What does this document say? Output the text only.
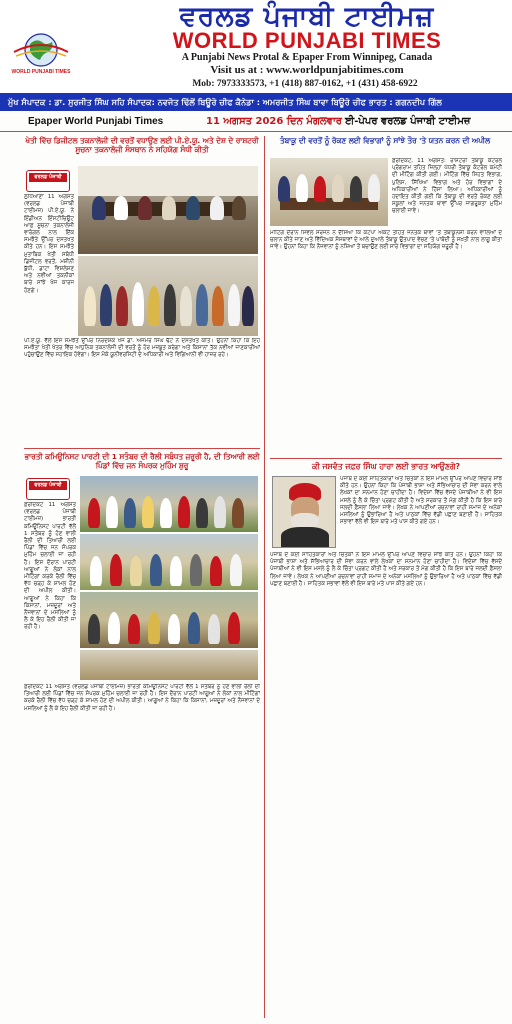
WORLD PUNJABI TIMES
ਵਰਲਡ ਪੰਜਾਬੀ ਟਾਈਮਜ਼
WORLD PUNJABI TIMES
A Punjabi News Protal & Epaper From Winnipeg, Canada
Visit us at : www.worldpunjabitimes.com
Mob: 7973333573, +1 (418) 887-0162, +1 (431) 458-6922
ਮੁੱਖ ਸੰਪਾਦਕ : ਡਾ. ਸੁਰਜੀਤ ਸਿੰਘ ਸਹਿ ਸੰਪਾਦਕ: ਨਵਜੋਤ ਢਿੱਲੋਂ ਬਿਊਰੋ ਚੀਫ ਕੈਨੇਡਾ : ਅਮਰਜੀਤ ਸਿੰਘ ਬਾਵਾ ਬਿਊਰੋ ਚੀਫ ਭਾਰਤ : ਗਗਨਦੀਪ ਗਿੱਲ
Epaper World Punjabi Times	11 ਅਗਸਤ 2026 ਦਿਨ ਮੰਗਲਵਾਰ ਈ-ਪੇਪਰ ਵਰਲਡ ਪੰਜਾਬੀ ਟਾਈਮਜ਼
ਖੇਤੀ ਵਿੱਚ ਡਿਜੀਟਲ ਤਕਨਾਲੋਜੀ ਦੀ ਵਰਤੋਂ ਵਧਾਉਣ ਲਈ ਪੀ.ਏ.ਯੂ. ਅਤੇ ਦੇਸ਼ ਦੇ ਰਾਸ਼ਟਰੀ ਸੂਚਨਾ ਤਕਨਾਲੋਜੀ ਸੰਸਥਾਨ ਨੇ ਸਹਿਯੋਗ ਸੰਧੀ ਕੀਤੀ
ਵਰਲਡ ਪੰਜਾਬੀ ਟਾਈਮਜ਼
ਲੁਧਿਆਣਾ 11 ਅਗਸਤ (ਵਰਲਡ ਪੰਜਾਬੀ ਟਾਈਮਜ਼) ਪੀ.ਏ.ਯੂ. ਨੇ ਇੰਡੀਅਨ ਇੰਸਟੀਚਿਊਟ ਆਫ਼ ਸੂਚਨਾ ਤਕਨਾਲੋਜੀ ਵਾਰੰਗਲ ਨਾਲ ਇੱਕ ਸਮਝੌਤੇ ਉੱਪਰ ਦਸਤਖਤ ਕੀਤੇ ਹਨ। ਇਸ ਸਮਝੌਤੇ ਮੁਤਾਬਿਕ ਖੇਤੀ ਸਬੰਧੀ ਡਿਜੀਟਲ ਵਰਤੋਂ, ਮਸ਼ੀਨੀ ਬੁੱਧੀ, ਡਾਟਾ ਵਿਸ਼ਲੇਸ਼ਣ ਅਤੇ ਨਵੀਆਂ ਤਕਨੀਕਾਂ ਬਾਰੇ ਸਾਂਝੇ ਖੋਜ ਕਾਰਜ ਹੋਣਗੇ।
ਪੀ.ਏ.ਯੂ. ਵੱਲੋਂ ਇਸ ਸਮਝੌਤੇ ਉੱਪਰ ਨਿਰਦੇਸ਼ਕ ਖੋਜ ਡਾ. ਅਜਮੇਰ ਸਿੰਘ ਢੱਟ ਨੇ ਦਸਤਖਤ ਕੀਤੇ। ਉਹਨਾਂ ਕਿਹਾ ਕਿ ਇਹ ਸਮਝੌਤਾ ਖੇਤੀ ਖੇਤਰ ਵਿੱਚ ਆਧੁਨਿਕ ਤਕਨਾਲੋਜੀ ਦੀ ਵਰਤੋਂ ਨੂੰ ਹੋਰ ਮਜ਼ਬੂਤ ਕਰੇਗਾ ਅਤੇ ਕਿਸਾਨਾਂ ਤੱਕ ਨਵੀਆਂ ਜਾਣਕਾਰੀਆਂ ਪਹੁੰਚਾਉਣ ਵਿੱਚ ਸਹਾਇਕ ਹੋਵੇਗਾ। ਇਸ ਮੌਕੇ ਯੂਨੀਵਰਸਿਟੀ ਦੇ ਅਧਿਕਾਰੀ ਅਤੇ ਵਿਗਿਆਨੀ ਵੀ ਹਾਜ਼ਰ ਰਹੇ।
ਭਾਰਤੀ ਕਮਿਊਨਿਸਟ ਪਾਰਟੀ ਦੀ 1 ਸਤੰਬਰ ਦੀ ਰੈਲੀ ਸਬੰਧਤ ਜ਼ਰੂਰੀ ਹੈ, ਦੀ ਤਿਆਰੀ ਲਈ ਪਿੰਡਾਂ ਵਿੱਚ ਜਨ ਸੰਪਰਕ ਮੁਹਿੰਮ ਸ਼ੁਰੂ
ਵਰਲਡ ਪੰਜਾਬੀ ਟਾਈਮਜ਼
ਫ਼ਰੀਦਕੋਟ 11 ਅਗਸਤ (ਵਰਲਡ ਪੰਜਾਬੀ ਟਾਈਮਜ਼) ਭਾਰਤੀ ਕਮਿਊਨਿਸਟ ਪਾਰਟੀ ਵੱਲੋਂ 1 ਸਤੰਬਰ ਨੂੰ ਹੋਣ ਵਾਲੀ ਰੈਲੀ ਦੀ ਤਿਆਰੀ ਲਈ ਪਿੰਡਾਂ ਵਿੱਚ ਜਨ ਸੰਪਰਕ ਮੁਹਿੰਮ ਚਲਾਈ ਜਾ ਰਹੀ ਹੈ। ਇਸ ਦੌਰਾਨ ਪਾਰਟੀ ਆਗੂਆਂ ਨੇ ਲੋਕਾਂ ਨਾਲ ਮੀਟਿੰਗਾਂ ਕਰਕੇ ਰੈਲੀ ਵਿੱਚ ਵੱਧ ਚੜ੍ਹ ਕੇ ਸ਼ਾਮਲ ਹੋਣ ਦੀ ਅਪੀਲ ਕੀਤੀ। ਆਗੂਆਂ ਨੇ ਕਿਹਾ ਕਿ ਕਿਸਾਨਾਂ, ਮਜ਼ਦੂਰਾਂ ਅਤੇ ਨੌਜਵਾਨਾਂ ਦੇ ਮਸਲਿਆਂ ਨੂੰ ਲੈ ਕੇ ਇਹ ਰੈਲੀ ਕੀਤੀ ਜਾ ਰਹੀ ਹੈ।
ਫ਼ਰੀਦਕੋਟ 11 ਅਗਸਤ (ਵਰਲਡ ਪੰਜਾਬੀ ਟਾਈਮਜ਼) ਭਾਰਤੀ ਕਮਿਊਨਿਸਟ ਪਾਰਟੀ ਵੱਲੋਂ 1 ਸਤੰਬਰ ਨੂੰ ਹੋਣ ਵਾਲੀ ਰੈਲੀ ਦੀ ਤਿਆਰੀ ਲਈ ਪਿੰਡਾਂ ਵਿੱਚ ਜਨ ਸੰਪਰਕ ਮੁਹਿੰਮ ਚਲਾਈ ਜਾ ਰਹੀ ਹੈ। ਇਸ ਦੌਰਾਨ ਪਾਰਟੀ ਆਗੂਆਂ ਨੇ ਲੋਕਾਂ ਨਾਲ ਮੀਟਿੰਗਾਂ ਕਰਕੇ ਰੈਲੀ ਵਿੱਚ ਵੱਧ ਚੜ੍ਹ ਕੇ ਸ਼ਾਮਲ ਹੋਣ ਦੀ ਅਪੀਲ ਕੀਤੀ। ਆਗੂਆਂ ਨੇ ਕਿਹਾ ਕਿ ਕਿਸਾਨਾਂ, ਮਜ਼ਦੂਰਾਂ ਅਤੇ ਨੌਜਵਾਨਾਂ ਦੇ ਮਸਲਿਆਂ ਨੂੰ ਲੈ ਕੇ ਇਹ ਰੈਲੀ ਕੀਤੀ ਜਾ ਰਹੀ ਹੈ।
ਤੰਬਾਕੂ ਦੀ ਵਰਤੋਂ ਨੂੰ ਰੋਕਣ ਲਈ ਵਿਭਾਗਾਂ ਨੂੰ ਸਾਂਝੇ ਤੌਰ 'ਤੇ ਯਤਨ ਕਰਨ ਦੀ ਅਪੀਲ
ਫ਼ਰੀਦਕੋਟ, 11 ਅਗਸਤ: ਰਾਸ਼ਟਰੀ ਤੰਬਾਕੂ ਕੰਟਰੋਲ ਪ੍ਰੋਗਰਾਮ ਤਹਿਤ ਜ਼ਿਲ੍ਹਾ ਪੱਧਰੀ ਤੰਬਾਕੂ ਕੰਟਰੋਲ ਕਮੇਟੀ ਦੀ ਮੀਟਿੰਗ ਕੀਤੀ ਗਈ। ਮੀਟਿੰਗ ਵਿੱਚ ਸਿਹਤ ਵਿਭਾਗ, ਪੁਲਿਸ, ਸਿੱਖਿਆ ਵਿਭਾਗ ਅਤੇ ਹੋਰ ਵਿਭਾਗਾਂ ਦੇ ਅਧਿਕਾਰੀਆਂ ਨੇ ਹਿੱਸਾ ਲਿਆ। ਅਧਿਕਾਰੀਆਂ ਨੂੰ ਹਦਾਇਤ ਕੀਤੀ ਗਈ ਕਿ ਤੰਬਾਕੂ ਦੀ ਵਰਤੋਂ ਰੋਕਣ ਲਈ ਸਕੂਲਾਂ ਅਤੇ ਜਨਤਕ ਥਾਵਾਂ ਉੱਪਰ ਜਾਗਰੂਕਤਾ ਮੁਹਿੰਮ ਚਲਾਈ ਜਾਵੇ।
ਮੀਟਿੰਗ ਦੌਰਾਨ ਸਿਵਲ ਸਰਜਨ ਨੇ ਦੱਸਿਆ ਕਿ ਕੋਟਪਾ ਐਕਟ ਤਹਿਤ ਜਨਤਕ ਥਾਵਾਂ 'ਤੇ ਤੰਬਾਕੂਨੋਸ਼ੀ ਕਰਨ ਵਾਲਿਆਂ ਦੇ ਚਲਾਨ ਕੀਤੇ ਜਾਣ ਅਤੇ ਵਿੱਦਿਅਕ ਸੰਸਥਾਵਾਂ ਦੇ ਆਲੇ ਦੁਆਲੇ ਤੰਬਾਕੂ ਉਤਪਾਦ ਵੇਚਣ 'ਤੇ ਪਾਬੰਦੀ ਨੂੰ ਸਖ਼ਤੀ ਨਾਲ ਲਾਗੂ ਕੀਤਾ ਜਾਵੇ। ਉਹਨਾਂ ਕਿਹਾ ਕਿ ਨੌਜਵਾਨਾਂ ਨੂੰ ਨਸ਼ਿਆਂ ਤੋਂ ਬਚਾਉਣ ਲਈ ਸਾਰੇ ਵਿਭਾਗਾਂ ਦਾ ਸਹਿਯੋਗ ਜ਼ਰੂਰੀ ਹੈ।
ਕੀ ਜਸਵੰਤ ਜਫ਼ਰ ਸਿੰਘ ਹਾਰਾ ਲਈ ਭਾਰਤ ਆਉਣਗੇ?
ਪੰਜਾਬ ਦੇ ਕਈ ਸਾਹਿਤਕਾਰਾਂ ਅਤੇ ਚਿੰਤਕਾਂ ਨੇ ਇਸ ਮਾਮਲੇ ਉੱਪਰ ਆਪਣੇ ਵਿਚਾਰ ਸਾਂਝੇ ਕੀਤੇ ਹਨ। ਉਹਨਾਂ ਕਿਹਾ ਕਿ ਪੰਜਾਬੀ ਭਾਸ਼ਾ ਅਤੇ ਸੱਭਿਆਚਾਰ ਦੀ ਸੇਵਾ ਕਰਨ ਵਾਲੇ ਲੇਖਕਾਂ ਦਾ ਸਨਮਾਨ ਹੋਣਾ ਚਾਹੀਦਾ ਹੈ। ਵਿਦੇਸ਼ਾਂ ਵਿੱਚ ਵੱਸਦੇ ਪੰਜਾਬੀਆਂ ਨੇ ਵੀ ਇਸ ਮਸਲੇ ਨੂੰ ਲੈ ਕੇ ਚਿੰਤਾ ਪ੍ਰਗਟ ਕੀਤੀ ਹੈ ਅਤੇ ਸਰਕਾਰ ਤੋਂ ਮੰਗ ਕੀਤੀ ਹੈ ਕਿ ਇਸ ਬਾਰੇ ਜਲਦੀ ਫ਼ੈਸਲਾ ਲਿਆ ਜਾਵੇ। ਲੇਖਕ ਨੇ ਆਪਣੀਆਂ ਰਚਨਾਵਾਂ ਰਾਹੀਂ ਸਮਾਜ ਦੇ ਅਨੇਕਾਂ ਮਸਲਿਆਂ ਨੂੰ ਉਭਾਰਿਆ ਹੈ ਅਤੇ ਪਾਠਕਾਂ ਵਿੱਚ ਵੱਡੀ ਪਛਾਣ ਬਣਾਈ ਹੈ। ਸਾਹਿਤਕ ਸਭਾਵਾਂ ਵੱਲੋਂ ਵੀ ਇਸ ਬਾਰੇ ਮਤੇ ਪਾਸ ਕੀਤੇ ਗਏ ਹਨ।
ਪੰਜਾਬ ਦੇ ਕਈ ਸਾਹਿਤਕਾਰਾਂ ਅਤੇ ਚਿੰਤਕਾਂ ਨੇ ਇਸ ਮਾਮਲੇ ਉੱਪਰ ਆਪਣੇ ਵਿਚਾਰ ਸਾਂਝੇ ਕੀਤੇ ਹਨ। ਉਹਨਾਂ ਕਿਹਾ ਕਿ ਪੰਜਾਬੀ ਭਾਸ਼ਾ ਅਤੇ ਸੱਭਿਆਚਾਰ ਦੀ ਸੇਵਾ ਕਰਨ ਵਾਲੇ ਲੇਖਕਾਂ ਦਾ ਸਨਮਾਨ ਹੋਣਾ ਚਾਹੀਦਾ ਹੈ। ਵਿਦੇਸ਼ਾਂ ਵਿੱਚ ਵੱਸਦੇ ਪੰਜਾਬੀਆਂ ਨੇ ਵੀ ਇਸ ਮਸਲੇ ਨੂੰ ਲੈ ਕੇ ਚਿੰਤਾ ਪ੍ਰਗਟ ਕੀਤੀ ਹੈ ਅਤੇ ਸਰਕਾਰ ਤੋਂ ਮੰਗ ਕੀਤੀ ਹੈ ਕਿ ਇਸ ਬਾਰੇ ਜਲਦੀ ਫ਼ੈਸਲਾ ਲਿਆ ਜਾਵੇ। ਲੇਖਕ ਨੇ ਆਪਣੀਆਂ ਰਚਨਾਵਾਂ ਰਾਹੀਂ ਸਮਾਜ ਦੇ ਅਨੇਕਾਂ ਮਸਲਿਆਂ ਨੂੰ ਉਭਾਰਿਆ ਹੈ ਅਤੇ ਪਾਠਕਾਂ ਵਿੱਚ ਵੱਡੀ ਪਛਾਣ ਬਣਾਈ ਹੈ। ਸਾਹਿਤਕ ਸਭਾਵਾਂ ਵੱਲੋਂ ਵੀ ਇਸ ਬਾਰੇ ਮਤੇ ਪਾਸ ਕੀਤੇ ਗਏ ਹਨ।
